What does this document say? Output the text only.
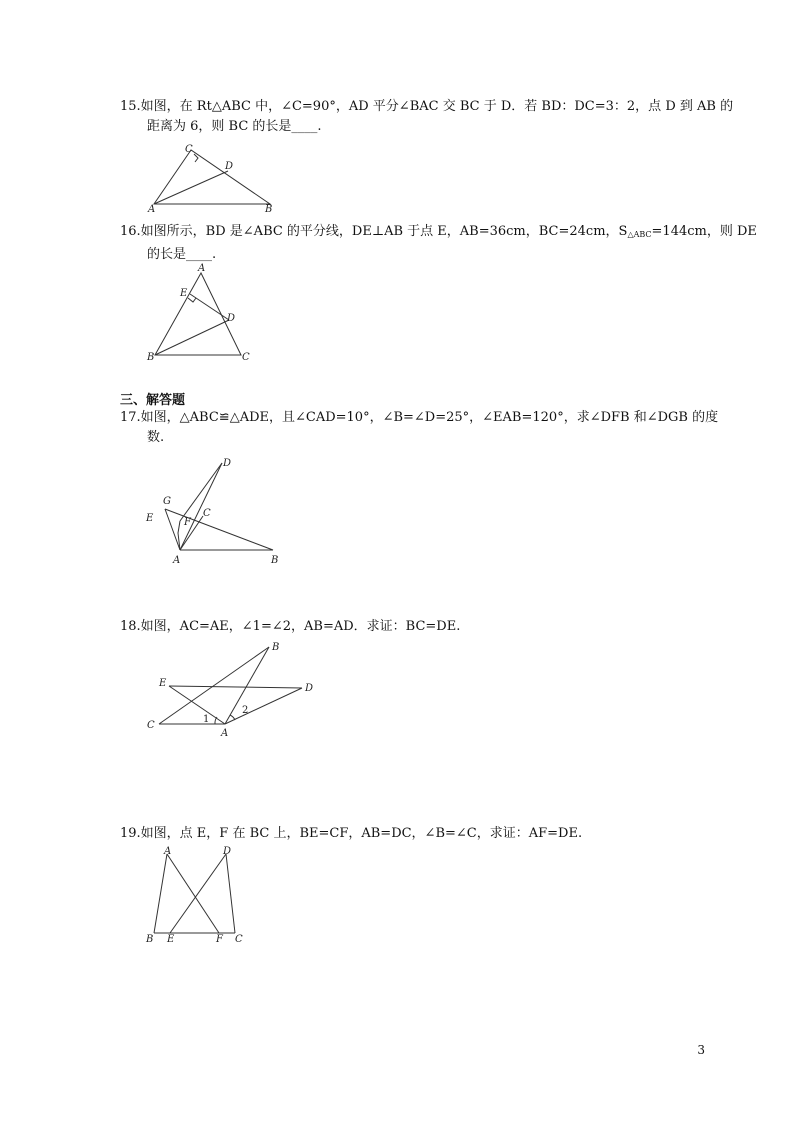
15.如图，在 Rt△ABC 中，∠C=90°，AD 平分∠BAC 交 BC 于 D．若 BD：DC=3：2，点 D 到 AB 的
距离为 6，则 BC 的长是____.
C
D
A	B
16.如图所示，BD 是∠ABC 的平分线，DE⊥AB 于点 E，AB=36cm，BC=24cm，$S_{\triangle ABC}=144cm$，则 DE
的长是____.
A
E
D
B	C
三、解答题
17.如图，△ABC≌△ADE，且∠CAD=10°，∠B=∠D=25°，∠EAB=120°，求∠DFB 和∠DGB 的度
数.
D
G
E	F
C
A	B
18.如图，AC=AE，∠1=∠2，AB=AD．求证：BC=DE.
B
E	D
C
A
1
2
19.如图，点 E，F 在 BC 上，BE=CF，AB=DC，∠B=∠C，求证：AF=DE.
A	D
B E	F C
3
